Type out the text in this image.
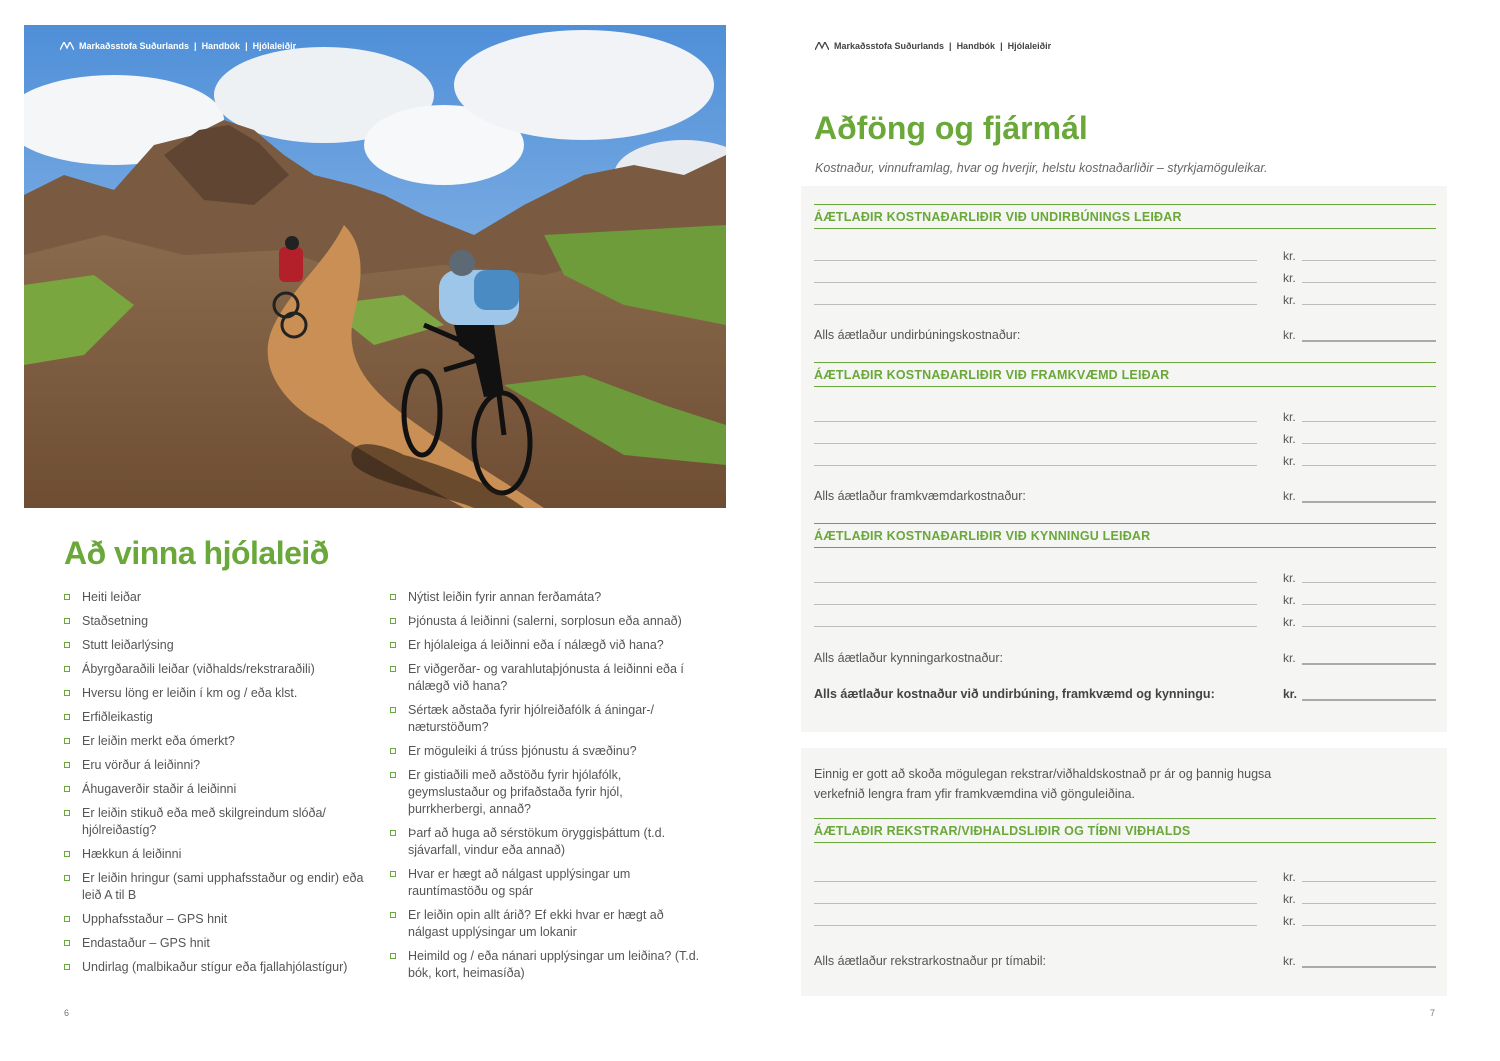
Markaðsstofa Suðurlands | Handbók | Hjólaleiðir
Að vinna hjólaleið
Heiti leiðar
Staðsetning
Stutt leiðarlýsing
Ábyrgðaraðili leiðar (viðhalds/rekstraraðili)
Hversu löng er leiðin í km og / eða klst.
Erfiðleikastig
Er leiðin merkt eða ómerkt?
Eru vörður á leiðinni?
Áhugaverðir staðir á leiðinni
Er leiðin stikuð eða með skilgreindum slóða/ hjólreiðastíg?
Hækkun á leiðinni
Er leiðin hringur (sami upphafsstaður og endir) eða leið A til B
Upphafsstaður – GPS hnit
Endastaður – GPS hnit
Undirlag (malbikaður stígur eða fjallahjólastígur)
Nýtist leiðin fyrir annan ferðamáta?
Þjónusta á leiðinni (salerni, sorplosun eða annað)
Er hjólaleiga á leiðinni eða í nálægð við hana?
Er viðgerðar- og varahlutaþjónusta á leiðinni eða í nálægð við hana?
Sértæk aðstaða fyrir hjólreiðafólk á áningar-/ næturstöðum?
Er möguleiki á trúss þjónustu á svæðinu?
Er gistiaðili með aðstöðu fyrir hjólafólk, geymslustaður og þrifaðstaða fyrir hjól, þurrkherbergi, annað?
Þarf að huga að sérstökum öryggisþáttum (t.d. sjávarfall, vindur eða annað)
Hvar er hægt að nálgast upplýsingar um rauntímastöðu og spár
Er leiðin opin allt árið? Ef ekki hvar er hægt að nálgast upplýsingar um lokanir
Heimild og / eða nánari upplýsingar um leiðina? (T.d. bók, kort, heimasíða)
6
Markaðsstofa Suðurlands | Handbók | Hjólaleiðir
Aðföng og fjármál
Kostnaður, vinnuframlag, hvar og hverjir, helstu kostnaðarliðir – styrkjamöguleikar.
ÁÆTLAÐIR KOSTNAÐARLIÐIR VIÐ UNDIRBÚNINGS LEIÐAR
kr.
kr.
kr.
Alls áætlaður undirbúningskostnaður:	kr.
ÁÆTLAÐIR KOSTNAÐARLIÐIR VIÐ FRAMKVÆMD LEIÐAR
kr.
kr.
kr.
Alls áætlaður framkvæmdarkostnaður:	kr.
ÁÆTLAÐIR KOSTNAÐARLIÐIR VIÐ KYNNINGU LEIÐAR
kr.
kr.
kr.
Alls áætlaður kynningarkostnaður:	kr.
Alls áætlaður kostnaður við undirbúning, framkvæmd og kynningu:	kr.
Einnig er gott að skoða mögulegan rekstrar/viðhaldskostnað pr ár og þannig hugsa verkefnið lengra fram yfir framkvæmdina við gönguleiðina.
ÁÆTLAÐIR REKSTRAR/VIÐHALDSLIÐIR OG TÍÐNI VIÐHALDS
kr.
kr.
kr.
Alls áætlaður rekstrarkostnaður pr tímabil:	kr.
7
